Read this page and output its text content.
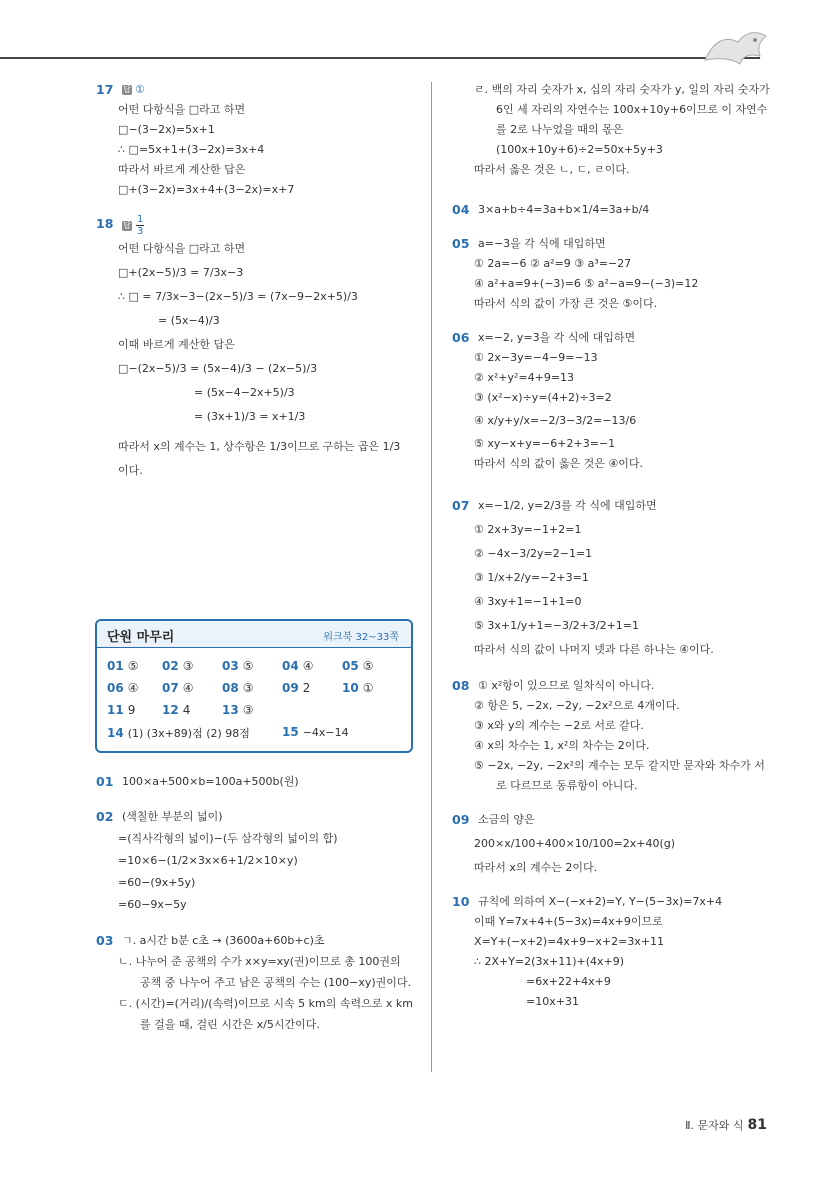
17 답 ①
어떤 다항식을 □라고 하면
□−(3−2x)=5x+1
∴ □=5x+1+(3−2x)=3x+4
따라서 바르게 계산한 답은
□+(3−2x)=3x+4+(3−2x)=x+7
18 답 $\frac{1}{3}$
어떤 다항식을 □라고 하면
□+(2x−5)/3 = 7/3x−3
∴ □ = 7/3x−3−(2x−5)/3 = (7x−9−2x+5)/3
= (5x−4)/3
이때 바르게 계산한 답은
□−(2x−5)/3 = (5x−4)/3 − (2x−5)/3
= (5x−4−2x+5)/3
= (3x+1)/3 = x+1/3
따라서 x의 계수는 1, 상수항은 1/3이므로 구하는 곱은 1/3
이다.
단원 마무리	워크북 32~33쪽
01 ⑤ 02 ③ 03 ⑤ 04 ④ 05 ⑤
06 ④ 07 ④ 08 ③ 09 2	10 ①
11 9 12 4	13 ③
14 (1) (3x+89)점 (2) 98점	15 −4x−14
01 100×a+500×b=100a+500b(원)
02 (색칠한 부분의 넓이)
=(직사각형의 넓이)−(두 삼각형의 넓이의 합)
=10×6−(1/2×3x×6+1/2×10×y)
=60−(9x+5y)
=60−9x−5y
03 ㄱ. a시간 b분 c초 → (3600a+60b+c)초
ㄴ. 나누어 준 공책의 수가 x×y=xy(권)이므로 총 100권의 공책 중 나누어 주고 남은 공책의 수는 (100−xy)권이다.
ㄷ. (시간)=(거리)/(속력)이므로 시속 5 km의 속력으로 x km를 걸을 때, 걸린 시간은 x/5시간이다.
ㄹ. 백의 자리 숫자가 x, 십의 자리 숫자가 y, 일의 자리 숫자가 6인 세 자리의 자연수는 100x+10y+6이므로 이 자연수를 2로 나누었을 때의 몫은
(100x+10y+6)÷2=50x+5y+3
따라서 옳은 것은 ㄴ, ㄷ, ㄹ이다.
04 3×a+b÷4=3a+b×1/4=3a+b/4
05 a=−3을 각 식에 대입하면
① 2a=−6 ② a²=9 ③ a³=−27
④ a²+a=9+(−3)=6 ⑤ a²−a=9−(−3)=12
따라서 식의 값이 가장 큰 것은 ⑤이다.
06 x=−2, y=3을 각 식에 대입하면
① 2x−3y=−4−9=−13
② x²+y²=4+9=13
③ (x²−x)÷y=(4+2)÷3=2
④ x/y+y/x=−2/3−3/2=−13/6
⑤ xy−x+y=−6+2+3=−1
따라서 식의 값이 옳은 것은 ④이다.
07 x=−1/2, y=2/3를 각 식에 대입하면
① 2x+3y=−1+2=1
② −4x−3/2y=2−1=1
③ 1/x+2/y=−2+3=1
④ 3xy+1=−1+1=0
⑤ 3x+1/y+1=−3/2+3/2+1=1
따라서 식의 값이 나머지 넷과 다른 하나는 ④이다.
08 ① x²항이 있으므로 일차식이 아니다.
② 항은 5, −2x, −2y, −2x²으로 4개이다.
③ x와 y의 계수는 −2로 서로 같다.
④ x의 차수는 1, x²의 차수는 2이다.
⑤ −2x, −2y, −2x²의 계수는 모두 같지만 문자와 차수가 서로 다르므로 동류항이 아니다.
09 소금의 양은
200×x/100+400×10/100=2x+40(g)
따라서 x의 계수는 2이다.
10 규칙에 의하여 X−(−x+2)=Y, Y−(5−3x)=7x+4
이때 Y=7x+4+(5−3x)=4x+9이므로
X=Y+(−x+2)=4x+9−x+2=3x+11
∴ 2X+Y=2(3x+11)+(4x+9)
=6x+22+4x+9
=10x+31
Ⅱ. 문자와 식 81
